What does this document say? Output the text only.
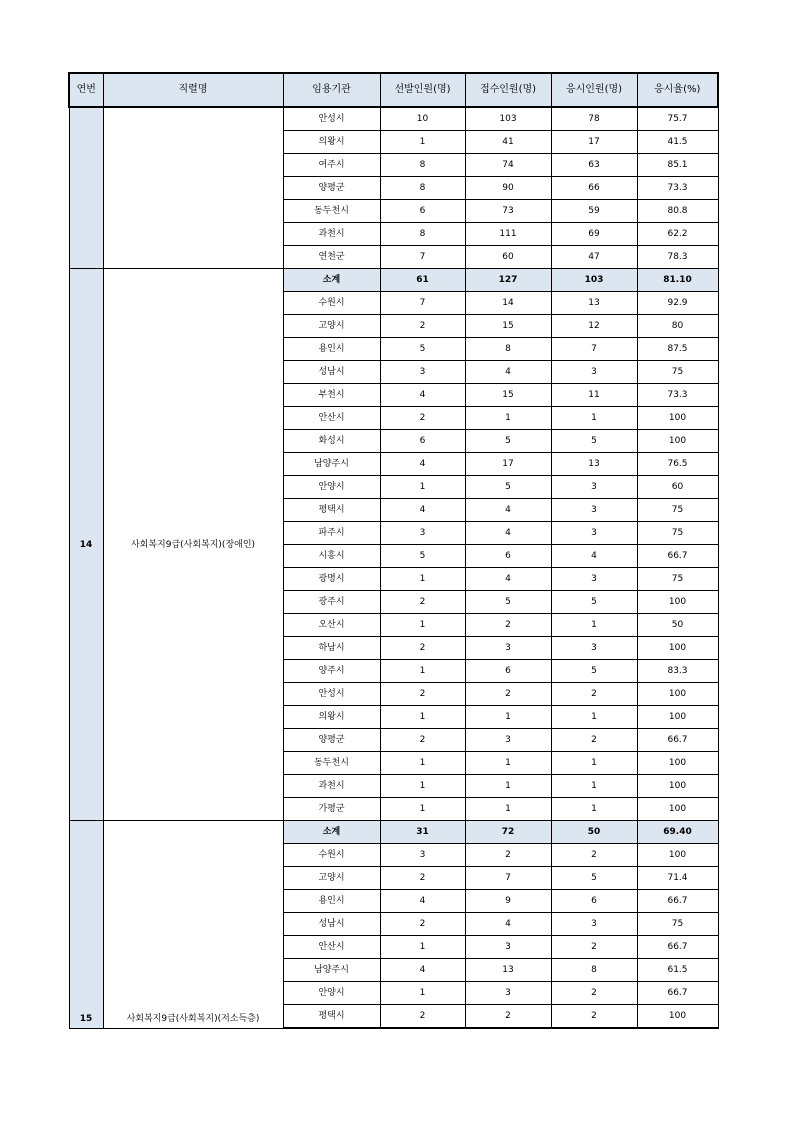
연번	직렬명	임용기관	선발인원(명)	접수인원(명)	응시인원(명)	응시율(%)
		안성시	10	103	78	75.7
		의왕시	1	41	17	41.5
		여주시	8	74	63	85.1
		양평군	8	90	66	73.3
		동두천시	6	73	59	80.8
		과천시	8	111	69	62.2
		연천군	7	60	47	78.3
14	사회복지9급(사회복지)(장애인)	소계	61	127	103	81.10
		수원시	7	14	13	92.9
		고양시	2	15	12	80
		용인시	5	8	7	87.5
		성남시	3	4	3	75
		부천시	4	15	11	73.3
		안산시	2	1	1	100
		화성시	6	5	5	100
		남양주시	4	17	13	76.5
		안양시	1	5	3	60
		평택시	4	4	3	75
		파주시	3	4	3	75
		시흥시	5	6	4	66.7
		광명시	1	4	3	75
		광주시	2	5	5	100
		오산시	1	2	1	50
		하남시	2	3	3	100
		양주시	1	6	5	83.3
		안성시	2	2	2	100
		의왕시	1	1	1	100
		양평군	2	3	2	66.7
		동두천시	1	1	1	100
		과천시	1	1	1	100
		가평군	1	1	1	100
15	사회복지9급(사회복지)(저소득층)	소계	31	72	50	69.40
		수원시	3	2	2	100
		고양시	2	7	5	71.4
		용인시	4	9	6	66.7
		성남시	2	4	3	75
		안산시	1	3	2	66.7
		남양주시	4	13	8	61.5
		안양시	1	3	2	66.7
		평택시	2	2	2	100
